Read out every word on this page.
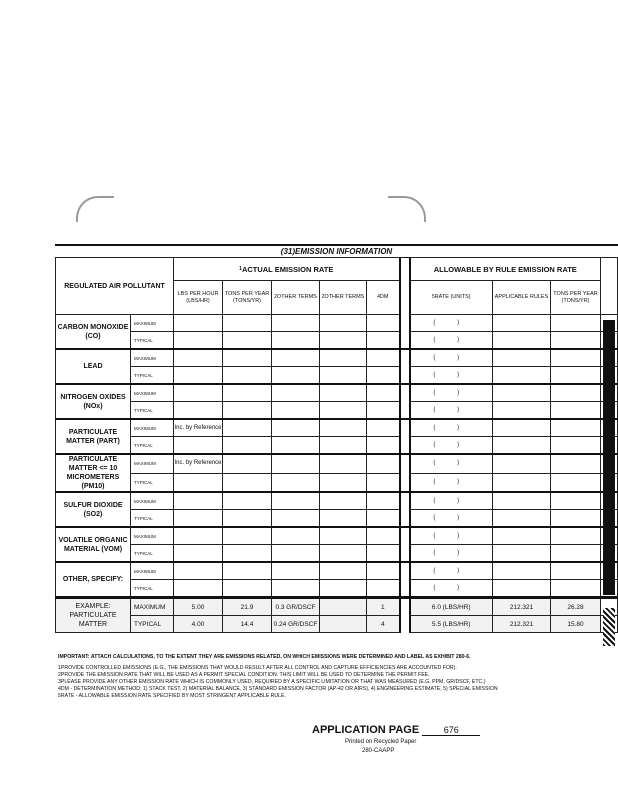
(31)EMISSION INFORMATION
REGULATED AIR POLLUTANT		$^1$ACTUAL EMISSION RATE						ALLOWABLE BY RULE EMISSION RATE			
		LBS PER HOUR (LBS/HR)	TONS PER YEAR (TONS/YR)	2OTHER TERMS	2OTHER TERMS	4DM		5RATE (UNITS)	APPLICABLE RULES	TONS PER YEAR (TONS/YR)	
CARBON MONOXIDE (CO)	MAXIMUM							( )			
	TYPICAL							( )			
LEAD	MAXIMUM							( )			
	TYPICAL							( )			
NITROGEN OXIDES (NOx)	MAXIMUM							( )			
	TYPICAL							( )			
PARTICULATE MATTER (PART)	MAXIMUM	Inc. by Reference						( )			
	TYPICAL							( )			
PARTICULATE MATTER <= 10 MICROMETERS (PM10)	MAXIMUM	Inc. by Reference						( )			
	TYPICAL							( )			
SULFUR DIOXIDE (SO2)	MAXIMUM							( )			
	TYPICAL							( )			
VOLATILE ORGANIC MATERIAL (VOM)	MAXIMUM							( )			
	TYPICAL							( )			
OTHER, SPECIFY:	MAXIMUM							( )			
	TYPICAL							( )			
EXAMPLE: PARTICULATE MATTER	MAXIMUM	5.00	21.9	0.3 GR/DSCF		1		6.0 (LBS/HR)	212.321	26.28	
	TYPICAL	4.00	14.4	0.24 GR/DSCF		4		5.5 (LBS/HR)	212.321	15.80	

IMPORTANT: ATTACH CALCULATIONS, TO THE EXTENT THEY ARE EMISSIONS RELATED, ON WHICH EMISSIONS WERE DETERMINED AND LABEL AS EXHIBIT 280-6.

1PROVIDE CONTROLLED EMISSIONS (E.G., THE EMISSIONS THAT WOULD RESULT AFTER ALL CONTROL AND CAPTURE EFFICIENCIES ARE ACCOUNTED FOR).

2PROVIDE THE EMISSION RATE THAT WILL BE USED AS A PERMIT SPECIAL CONDITION. THIS LIMIT WILL BE USED TO DETERMINE THE PERMIT FEE.

3PLEASE PROVIDE ANY OTHER EMISSION RATE WHICH IS COMMONLY USED, REQUIRED BY A SPECIFIC LIMITATION OR THAT WAS MEASURED (E.G. PPM, GR/DSCF, ETC.)

4DM - DETERMINATION METHOD: 1) STACK TEST, 2) MATERIAL BALANCE, 3) STANDARD EMISSION FACTOR (AP-42 OR AIRS), 4) ENGINEERING ESTIMATE, 5) SPECIAL EMISSION

5RATE - ALLOWABLE EMISSION RATE SPECIFIED BY MOST STRINGENT APPLICABLE RULE.

APPLICATION PAGE	676
Printed on Recycled Paper
280-CAAPP
